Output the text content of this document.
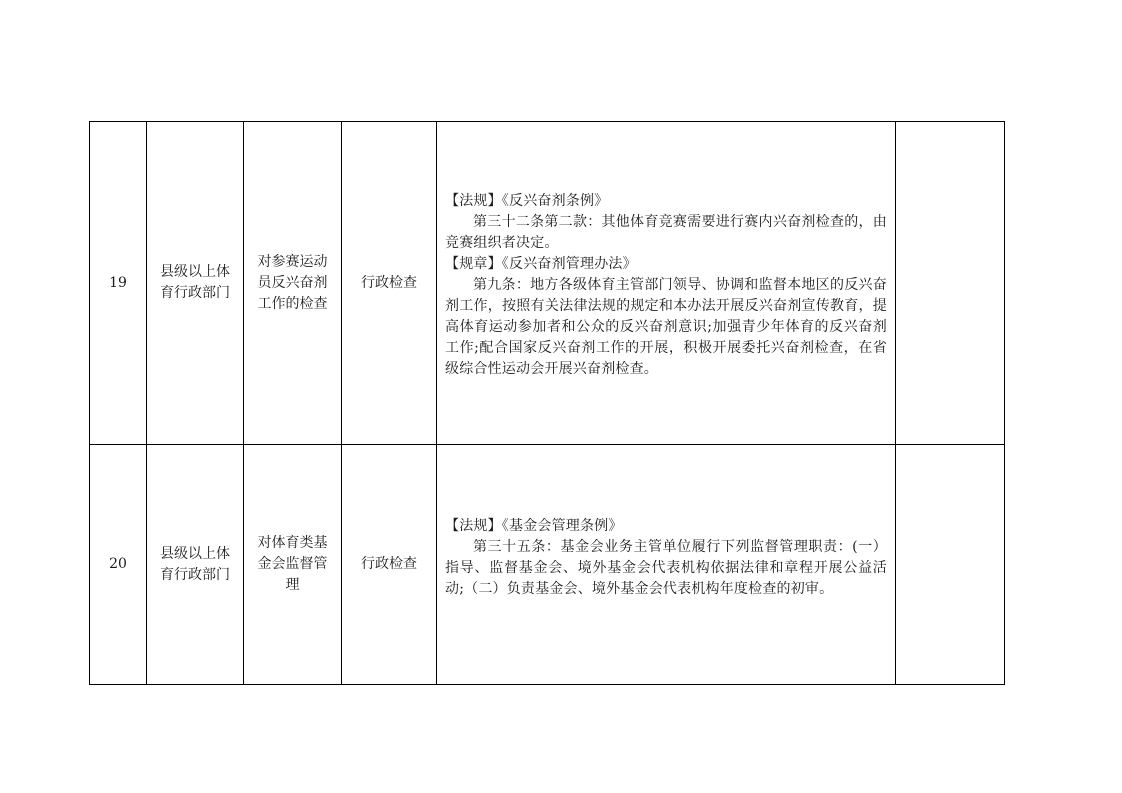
19	县级以上体育行政部门	对参赛运动员反兴奋剂工作的检查	行政检查	【法规】《反兴奋剂条例》
第三十二条第二款：其他体育竞赛需要进行赛内兴奋剂检查的，由竞赛组织者决定。
【规章】《反兴奋剂管理办法》
第九条：地方各级体育主管部门领导、协调和监督本地区的反兴奋剂工作，按照有关法律法规的规定和本办法开展反兴奋剂宣传教育，提高体育运动参加者和公众的反兴奋剂意识;加强青少年体育的反兴奋剂工作;配合国家反兴奋剂工作的开展，积极开展委托兴奋剂检查，在省级综合性运动会开展兴奋剂检查。	

20	县级以上体育行政部门	对体育类基金会监督管理	行政检查	【法规】《基金会管理条例》
第三十五条：基金会业务主管单位履行下列监督管理职责：(一）指导、监督基金会、境外基金会代表机构依据法律和章程开展公益活动;（二）负责基金会、境外基金会代表机构年度检查的初审。	
